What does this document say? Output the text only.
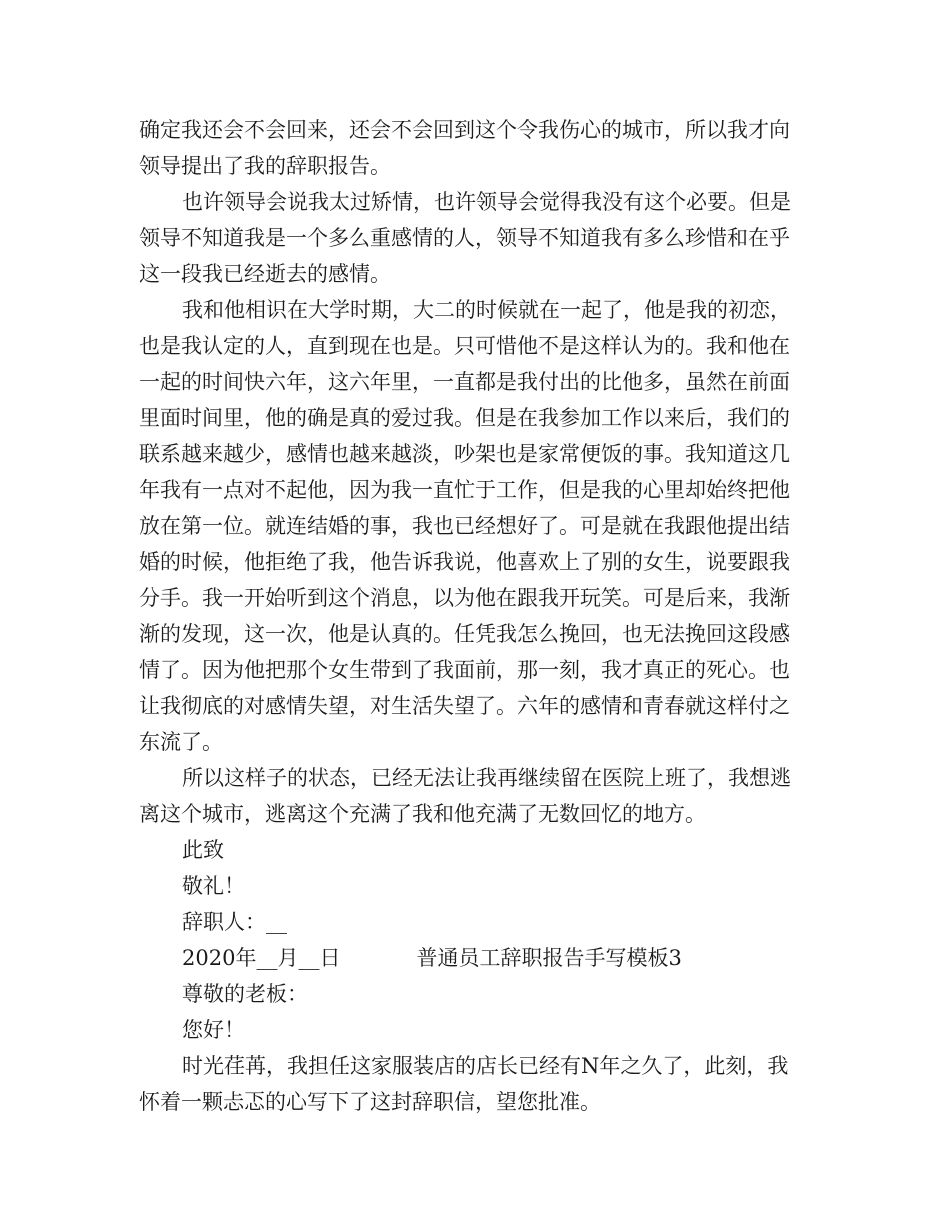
确定我还会不会回来，还会不会回到这个令我伤心的城市，所以我才向
领导提出了我的辞职报告。
也许领导会说我太过矫情，也许领导会觉得我没有这个必要。但是
领导不知道我是一个多么重感情的人，领导不知道我有多么珍惜和在乎
这一段我已经逝去的感情。
我和他相识在大学时期，大二的时候就在一起了，他是我的初恋，
也是我认定的人，直到现在也是。只可惜他不是这样认为的。我和他在
一起的时间快六年，这六年里，一直都是我付出的比他多，虽然在前面
里面时间里，他的确是真的爱过我。但是在我参加工作以来后，我们的
联系越来越少，感情也越来越淡，吵架也是家常便饭的事。我知道这几
年我有一点对不起他，因为我一直忙于工作，但是我的心里却始终把他
放在第一位。就连结婚的事，我也已经想好了。可是就在我跟他提出结
婚的时候，他拒绝了我，他告诉我说，他喜欢上了别的女生，说要跟我
分手。我一开始听到这个消息，以为他在跟我开玩笑。可是后来，我渐
渐的发现，这一次，他是认真的。任凭我怎么挽回，也无法挽回这段感
情了。因为他把那个女生带到了我面前，那一刻，我才真正的死心。也
让我彻底的对感情失望，对生活失望了。六年的感情和青春就这样付之
东流了。
所以这样子的状态，已经无法让我再继续留在医院上班了，我想逃
离这个城市，逃离这个充满了我和他充满了无数回忆的地方。
此致
敬礼！
辞职人：__
2020年__月__日	普通员工辞职报告手写模板3
尊敬的老板：
您好！
时光荏苒，我担任这家服装店的店长已经有N年之久了，此刻，我
怀着一颗忐忑的心写下了这封辞职信，望您批准。
